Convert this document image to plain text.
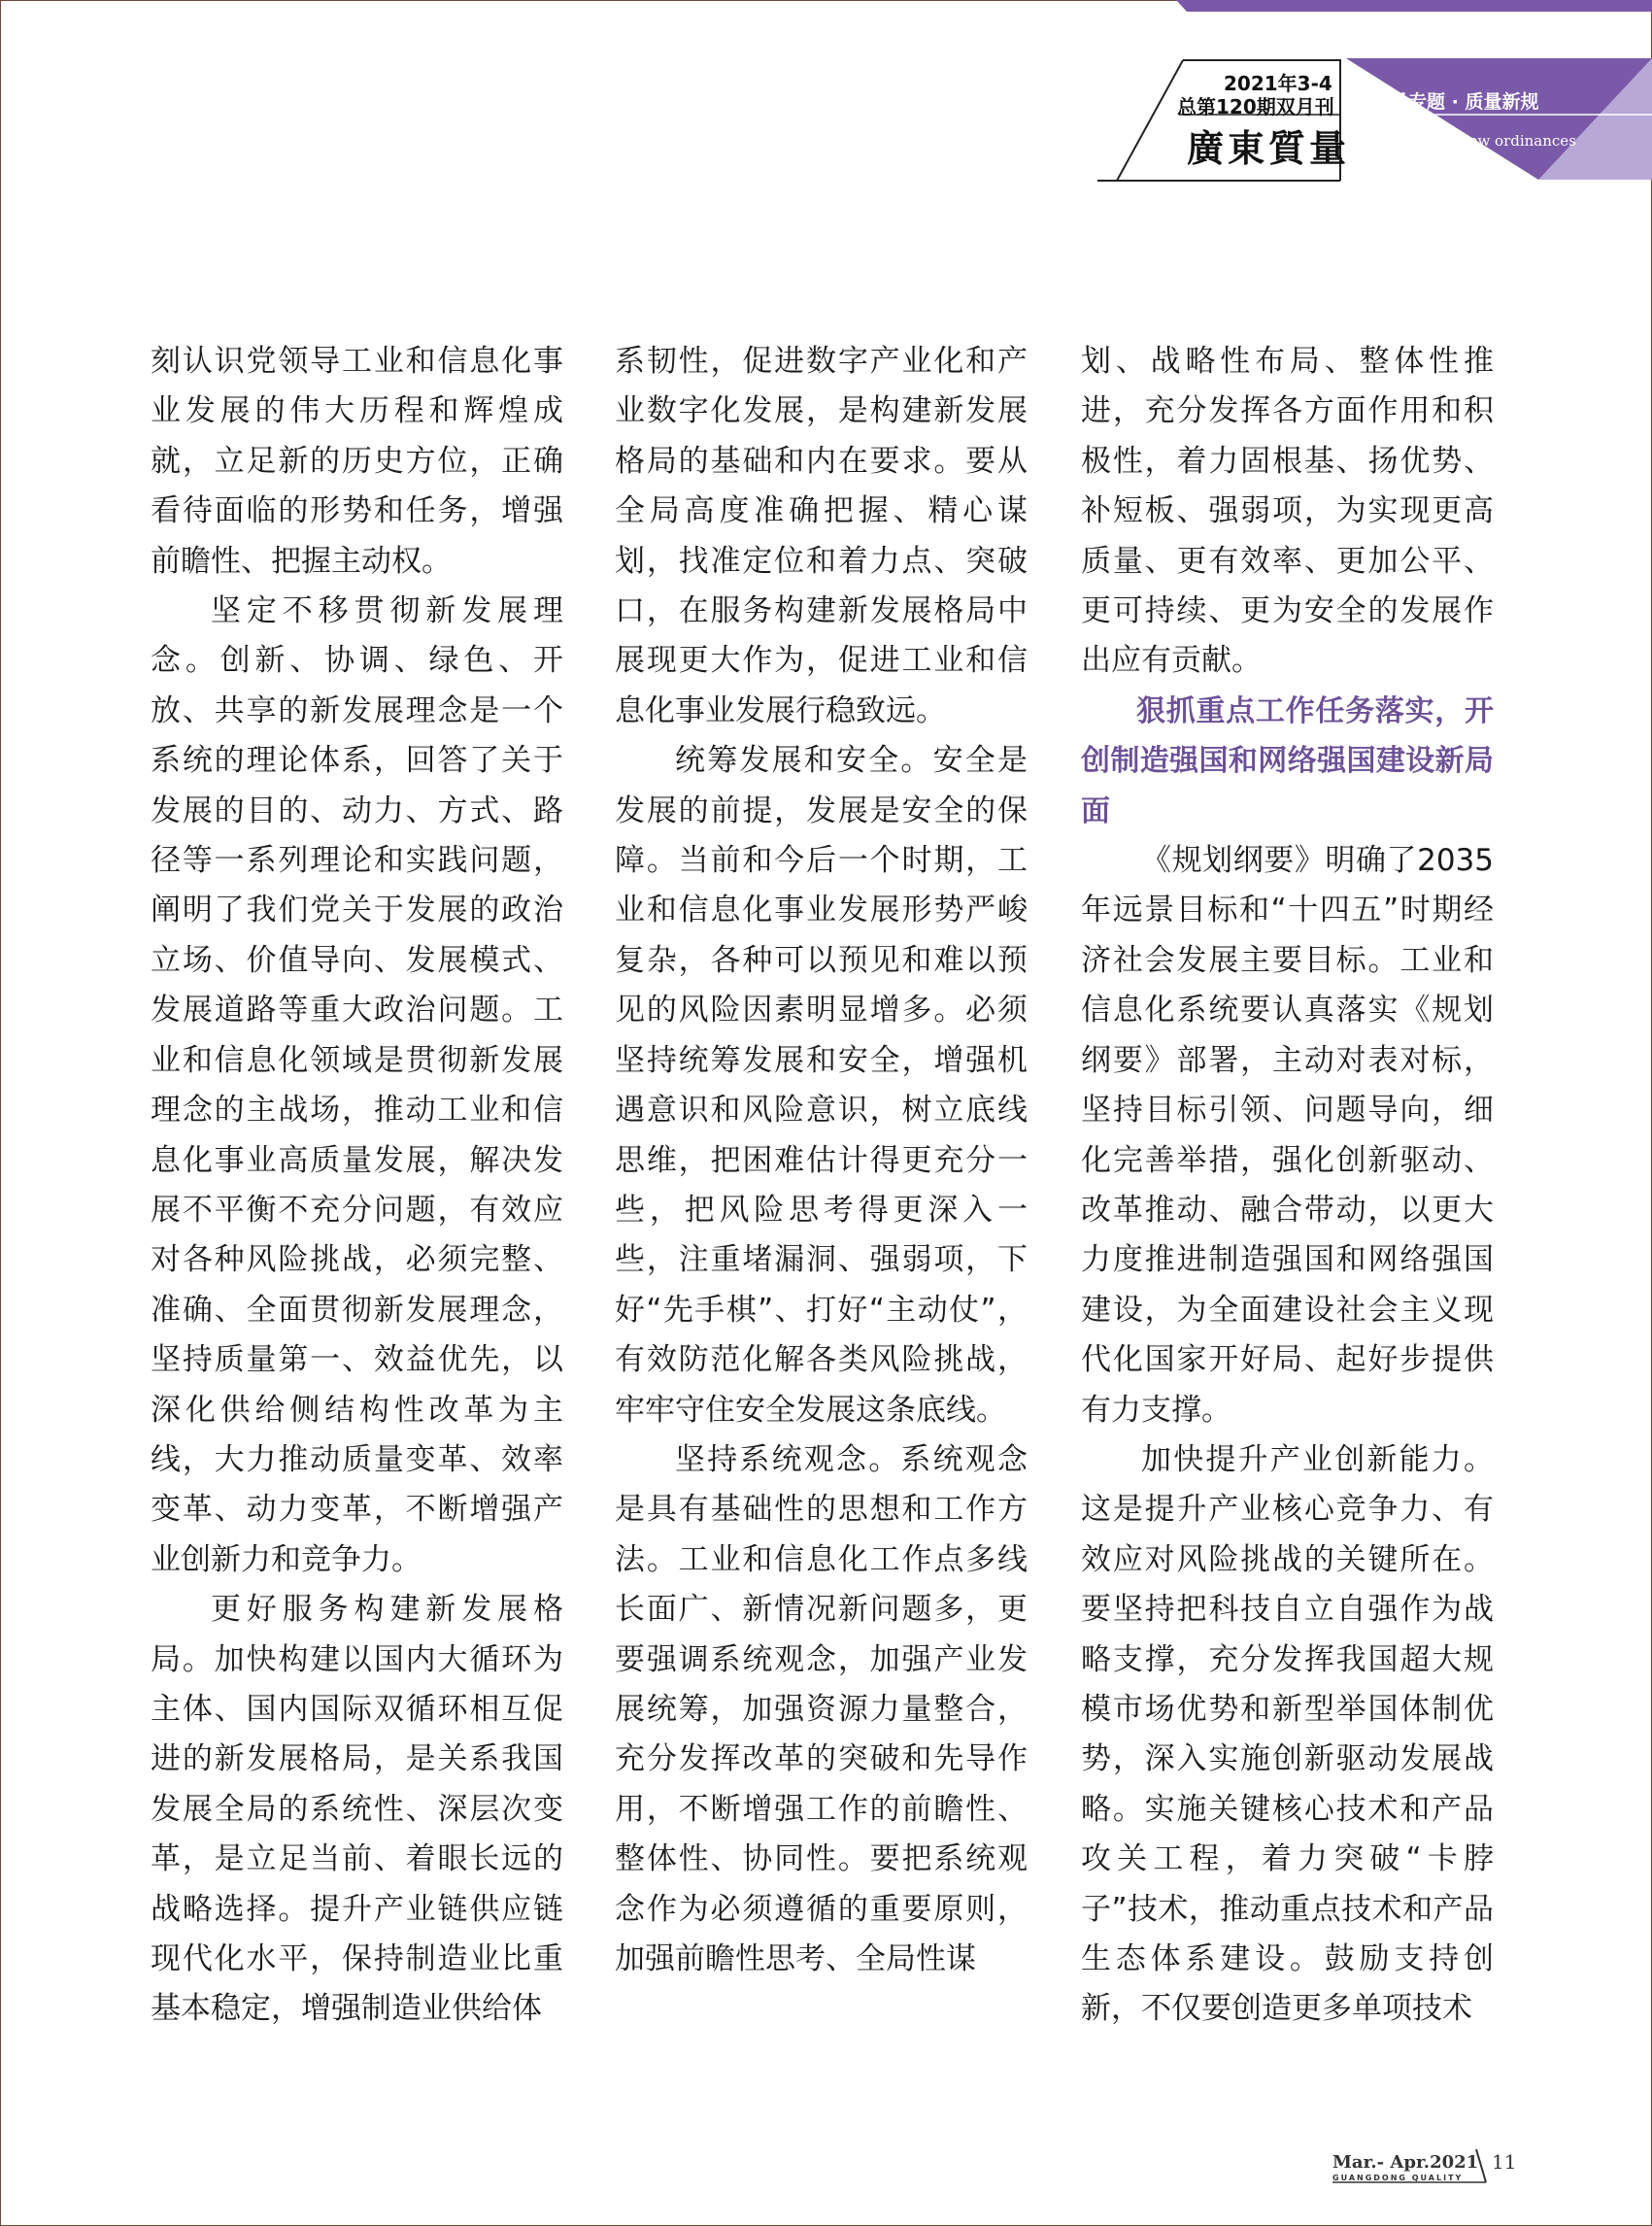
2021年3-4
总第120期双月刊
廣東質量
质量专题 · 质量新规
Special Topic · New ordinances

刻认识党领导工业和信息化事业发展的伟大历程和辉煌成就，立足新的历史方位，正确看待面临的形势和任务，增强前瞻性、把握主动权。

坚定不移贯彻新发展理念。创新、协调、绿色、开放、共享的新发展理念是一个系统的理论体系，回答了关于发展的目的、动力、方式、路径等一系列理论和实践问题，阐明了我们党关于发展的政治立场、价值导向、发展模式、发展道路等重大政治问题。工业和信息化领域是贯彻新发展理念的主战场，推动工业和信息化事业高质量发展，解决发展不平衡不充分问题，有效应对各种风险挑战，必须完整、准确、全面贯彻新发展理念，坚持质量第一、效益优先，以深化供给侧结构性改革为主线，大力推动质量变革、效率变革、动力变革，不断增强产业创新力和竞争力。

更好服务构建新发展格局。加快构建以国内大循环为主体、国内国际双循环相互促进的新发展格局，是关系我国发展全局的系统性、深层次变革，是立足当前、着眼长远的战略选择。提升产业链供应链现代化水平，保持制造业比重基本稳定，增强制造业供给体

系韧性，促进数字产业化和产业数字化发展，是构建新发展格局的基础和内在要求。要从全局高度准确把握、精心谋划，找准定位和着力点、突破口，在服务构建新发展格局中展现更大作为，促进工业和信息化事业发展行稳致远。

统筹发展和安全。安全是发展的前提，发展是安全的保障。当前和今后一个时期，工业和信息化事业发展形势严峻复杂，各种可以预见和难以预见的风险因素明显增多。必须坚持统筹发展和安全，增强机遇意识和风险意识，树立底线思维，把困难估计得更充分一些，把风险思考得更深入一些，注重堵漏洞、强弱项，下好“先手棋”、打好“主动仗”，有效防范化解各类风险挑战，牢牢守住安全发展这条底线。

坚持系统观念。系统观念是具有基础性的思想和工作方法。工业和信息化工作点多线长面广、新情况新问题多，更要强调系统观念，加强产业发展统筹，加强资源力量整合，充分发挥改革的突破和先导作用，不断增强工作的前瞻性、整体性、协同性。要把系统观念作为必须遵循的重要原则，加强前瞻性思考、全局性谋

划、战略性布局、整体性推进，充分发挥各方面作用和积极性，着力固根基、扬优势、补短板、强弱项，为实现更高质量、更有效率、更加公平、更可持续、更为安全的发展作出应有贡献。

狠抓重点工作任务落实，开创制造强国和网络强国建设新局面

《规划纲要》明确了2035年远景目标和“十四五”时期经济社会发展主要目标。工业和信息化系统要认真落实《规划纲要》部署，主动对表对标，坚持目标引领、问题导向，细化完善举措，强化创新驱动、改革推动、融合带动，以更大力度推进制造强国和网络强国建设，为全面建设社会主义现代化国家开好局、起好步提供有力支撑。

加快提升产业创新能力。这是提升产业核心竞争力、有效应对风险挑战的关键所在。要坚持把科技自立自强作为战略支撑，充分发挥我国超大规模市场优势和新型举国体制优势，深入实施创新驱动发展战略。实施关键核心技术和产品攻关工程，着力突破“卡脖子”技术，推动重点技术和产品生态体系建设。鼓励支持创新，不仅要创造更多单项技术

Mar.- Apr.2021
GUANGDONG QUALITY
11
